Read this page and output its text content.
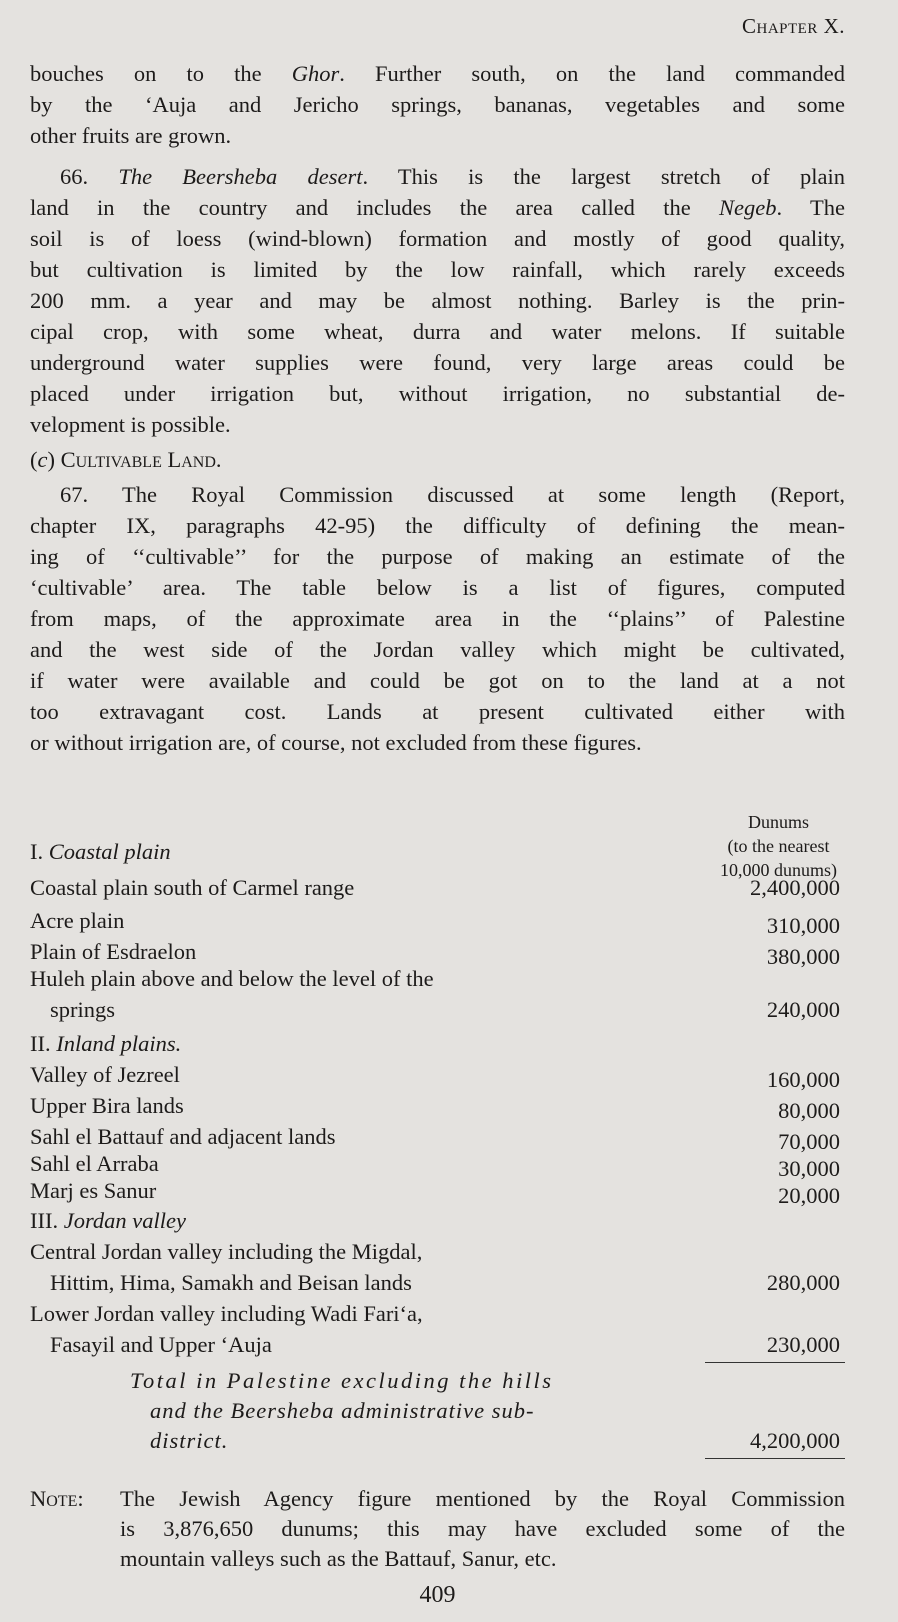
Chapter X.
bouches on to the Ghor. Further south, on the land commanded
by the ‘Auja and Jericho springs, bananas, vegetables and some
other fruits are grown.
66. The Beersheba desert. This is the largest stretch of plain
land in the country and includes the area called the Negeb. The
soil is of loess (wind-blown) formation and mostly of good quality,
but cultivation is limited by the low rainfall, which rarely exceeds
200 mm. a year and may be almost nothing. Barley is the prin-
cipal crop, with some wheat, durra and water melons. If suitable
underground water supplies were found, very large areas could be
placed under irrigation but, without irrigation, no substantial de-
velopment is possible.
(c) Cultivable Land.
67. The Royal Commission discussed at some length (Report,
chapter IX, paragraphs 42-95) the difficulty of defining the mean-
ing of ‘‘cultivable’’ for the purpose of making an estimate of the
‘cultivable’ area. The table below is a list of figures, computed
from maps, of the approximate area in the ‘‘plains’’ of Palestine
and the west side of the Jordan valley which might be cultivated,
if water were available and could be got on to the land at a not
too extravagant cost. Lands at present cultivated either with
or without irrigation are, of course, not excluded from these figures.
Dunums
(to the nearest
10,000 dunums)
I. Coastal plain
Coastal plain south of Carmel range	2,400,000
Acre plain	310,000
Plain of Esdraelon	380,000
Huleh plain above and below the level of the
springs	240,000
II. Inland plains.
Valley of Jezreel	160,000
Upper Bira lands	80,000
Sahl el Battauf and adjacent lands	70,000
Sahl el Arraba	30,000
Marj es Sanur	20,000
III. Jordan valley
Central Jordan valley including the Migdal,
Hittim, Hima, Samakh and Beisan lands	280,000
Lower Jordan valley including Wadi Fari‘a,
Fasayil and Upper ‘Auja	230,000
Total in Palestine excluding the hills
and the Beersheba administrative sub-
district.	4,200,000
Note: The Jewish Agency figure mentioned by the Royal Commission
is 3,876,650 dunums; this may have excluded some of the
mountain valleys such as the Battauf, Sanur, etc.
409
